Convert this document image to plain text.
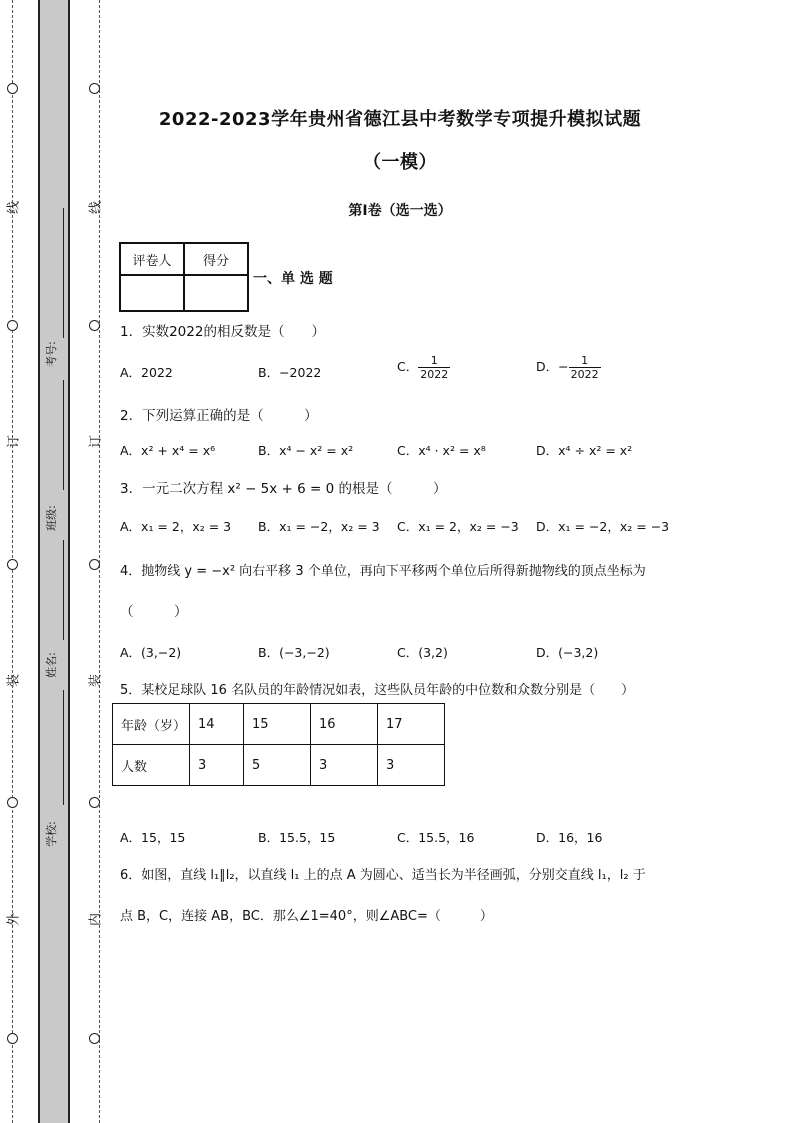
线
订
装
外
线
订
装
内
考号:
班级:
姓名:
学校:
2022-2023学年贵州省德江县中考数学专项提升模拟试题
（一模）
第I卷（选一选）
评卷人	得分

一、单 选 题
1．实数2022的相反数是（　　）
A．2022	B．−2022	C． $\frac{1}{2022}$	D．− $\frac{1}{2022}$
2．下列运算正确的是（　　　）
A．x² + x⁴ = x⁶	B．x⁴ − x² = x²	C．x⁴ · x² = x⁸	D．x⁴ ÷ x² = x²
3．一元二次方程 x² − 5x + 6 = 0 的根是（　　　）
A．x₁ = 2，x₂ = 3 B．x₁ = −2，x₂ = 3 C．x₁ = 2，x₂ = −3 D．x₁ = −2，x₂ = −3
4．抛物线 y = −x² 向右平移 3 个单位，再向下平移两个单位后所得新抛物线的顶点坐标为
（　　　）
A．(3,−2)	B．(−3,−2)	C．(3,2)	D．(−3,2)
5．某校足球队 16 名队员的年龄情况如表，这些队员年龄的中位数和众数分别是（　　）
年龄（岁）	14	15	16	17
人数	3	5	3	3
A．15，15	B．15.5，15	C．15.5，16	D．16，16
6．如图，直线 l₁∥l₂，以直线 l₁ 上的点 A 为圆心、适当长为半径画弧，分别交直线 l₁，l₂ 于
点 B，C，连接 AB，BC．那么∠1=40°，则∠ABC=（　　　）
